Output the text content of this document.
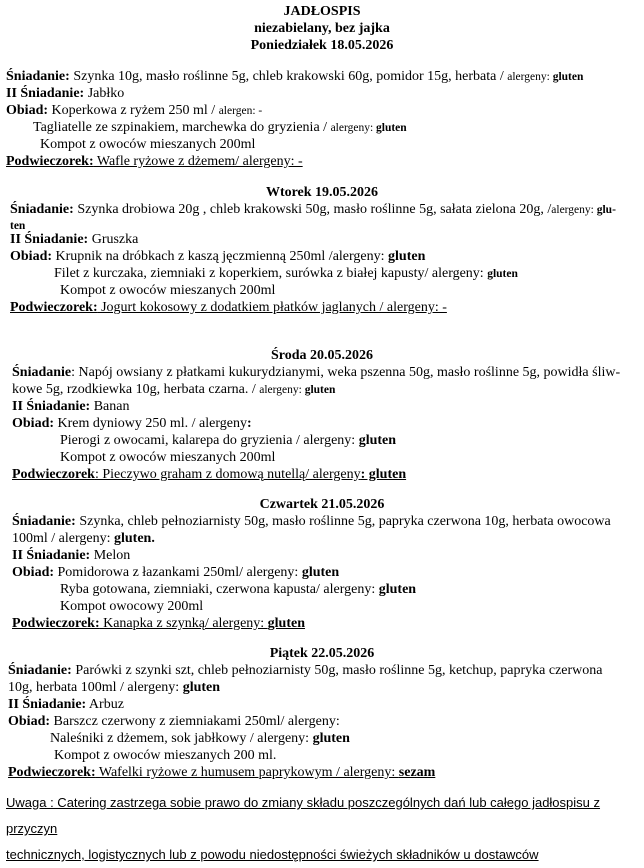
JADŁOSPIS
niezabielany, bez jajka
Poniedziałek 18.05.2026
Śniadanie: Szynka 10g, masło roślinne 5g, chleb krakowski 60g, pomidor 15g, herbata / alergeny: gluten
II Śniadanie: Jabłko
Obiad: Koperkowa z ryżem 250 ml / alergen: -
Tagliatelle ze szpinakiem, marchewka do gryzienia / alergeny: gluten
Kompot z owoców mieszanych 200ml
Podwieczorek: Wafle ryżowe z dżemem/ alergeny: -
Wtorek 19.05.2026
Śniadanie: Szynka drobiowa 20g , chleb krakowski 50g, masło roślinne 5g, sałata zielona 20g, /alergeny: glu-
ten
II Śniadanie: Gruszka
Obiad: Krupnik na dróbkach z kaszą jęczmienną 250ml /alergeny: gluten
Filet z kurczaka, ziemniaki z koperkiem, surówka z białej kapusty/ alergeny: gluten
Kompot z owoców mieszanych 200ml
Podwieczorek: Jogurt kokosowy z dodatkiem płatków jaglanych / alergeny: -
Środa 20.05.2026
Śniadanie: Napój owsiany z płatkami kukurydzianymi, weka pszenna 50g, masło roślinne 5g, powidła śliw-
kowe 5g, rzodkiewka 10g, herbata czarna. / alergeny: gluten
II Śniadanie: Banan
Obiad: Krem dyniowy 250 ml. / alergeny:
Pierogi z owocami, kalarepa do gryzienia / alergeny: gluten
Kompot z owoców mieszanych 200ml
Podwieczorek: Pieczywo graham z domową nutellą/ alergeny: gluten
Czwartek 21.05.2026
Śniadanie: Szynka, chleb pełnoziarnisty 50g, masło roślinne 5g, papryka czerwona 10g, herbata owocowa
100ml / alergeny: gluten.
II Śniadanie: Melon
Obiad: Pomidorowa z łazankami 250ml/ alergeny: gluten
Ryba gotowana, ziemniaki, czerwona kapusta/ alergeny: gluten
Kompot owocowy 200ml
Podwieczorek: Kanapka z szynką/ alergeny: gluten
Piątek 22.05.2026
Śniadanie: Parówki z szynki szt, chleb pełnoziarnisty 50g, masło roślinne 5g, ketchup, papryka czerwona
10g, herbata 100ml / alergeny: gluten
II Śniadanie: Arbuz
Obiad: Barszcz czerwony z ziemniakami 250ml/ alergeny:
Naleśniki z dżemem, sok jabłkowy / alergeny: gluten
Kompot z owoców mieszanych 200 ml.
Podwieczorek: Wafelki ryżowe z humusem paprykowym / alergeny: sezam
Uwaga : Catering zastrzega sobie prawo do zmiany składu poszczególnych dań lub całego jadłospisu z przyczyn
technicznych, logistycznych lub z powodu niedostępności świeżych składników u dostawców
